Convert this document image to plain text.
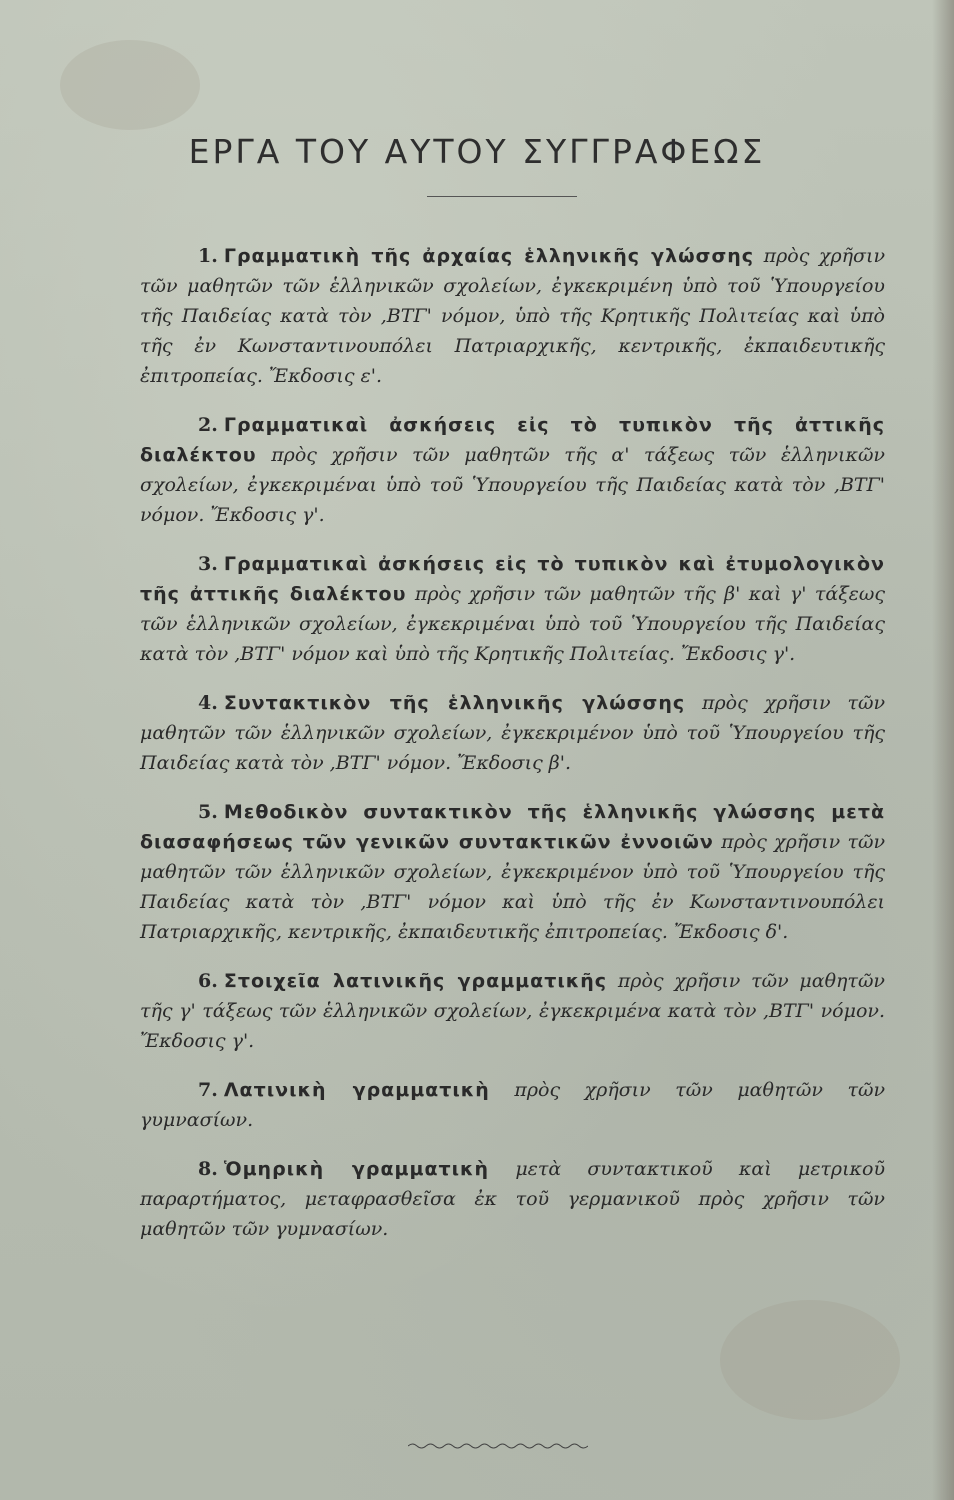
ΕΡΓΑ ΤΟΥ ΑΥΤΟΥ ΣΥΓΓΡΑΦΕΩΣ

1. Γραμματικὴ τῆς ἀρχαίας ἑλληνικῆς γλώσσης πρὸς χρῆσιν τῶν μαθητῶν τῶν ἑλληνικῶν σχολείων, ἐγκεκριμένη ὑπὸ τοῦ Ὑπουργείου τῆς Παιδείας κατὰ τὸν ,ΒΤΓ' νόμον, ὑπὸ τῆς Κρητικῆς Πολιτείας καὶ ὑπὸ τῆς ἐν Κωνσταντινουπόλει Πατριαρχικῆς, κεντρικῆς, ἐκπαιδευτικῆς ἐπιτροπείας. Ἔκδοσις ε'.

2. Γραμματικαὶ ἀσκήσεις εἰς τὸ τυπικὸν τῆς ἀττικῆς διαλέκτου πρὸς χρῆσιν τῶν μαθητῶν τῆς α' τάξεως τῶν ἑλληνικῶν σχολείων, ἐγκεκριμέναι ὑπὸ τοῦ Ὑπουργείου τῆς Παιδείας κατὰ τὸν ,ΒΤΓ' νόμον. Ἔκδοσις γ'.

3. Γραμματικαὶ ἀσκήσεις εἰς τὸ τυπικὸν καὶ ἐτυμολογικὸν τῆς ἀττικῆς διαλέκτου πρὸς χρῆσιν τῶν μαθητῶν τῆς β' καὶ γ' τάξεως τῶν ἑλληνικῶν σχολείων, ἐγκεκριμέναι ὑπὸ τοῦ Ὑπουργείου τῆς Παιδείας κατὰ τὸν ,ΒΤΓ' νόμον καὶ ὑπὸ τῆς Κρητικῆς Πολιτείας. Ἔκδοσις γ'.

4. Συντακτικὸν τῆς ἑλληνικῆς γλώσσης πρὸς χρῆσιν τῶν μαθητῶν τῶν ἑλληνικῶν σχολείων, ἐγκεκριμένον ὑπὸ τοῦ Ὑπουργείου τῆς Παιδείας κατὰ τὸν ,ΒΤΓ' νόμον. Ἔκδοσις β'.

5. Μεθοδικὸν συντακτικὸν τῆς ἑλληνικῆς γλώσσης μετὰ διασαφήσεως τῶν γενικῶν συντακτικῶν ἐννοιῶν πρὸς χρῆσιν τῶν μαθητῶν τῶν ἑλληνικῶν σχολείων, ἐγκεκριμένον ὑπὸ τοῦ Ὑπουργείου τῆς Παιδείας κατὰ τὸν ,ΒΤΓ' νόμον καὶ ὑπὸ τῆς ἐν Κωνσταντινουπόλει Πατριαρχικῆς, κεντρικῆς, ἐκπαιδευτικῆς ἐπιτροπείας. Ἔκδοσις δ'.

6. Στοιχεῖα λατινικῆς γραμματικῆς πρὸς χρῆσιν τῶν μαθητῶν τῆς γ' τάξεως τῶν ἑλληνικῶν σχολείων, ἐγκεκριμένα κατὰ τὸν ,ΒΤΓ' νόμον. Ἔκδοσις γ'.

7. Λατινικὴ γραμματικὴ πρὸς χρῆσιν τῶν μαθητῶν τῶν γυμνασίων.

8. Ὁμηρικὴ γραμματικὴ μετὰ συντακτικοῦ καὶ μετρικοῦ παραρτήματος, μεταφρασθεῖσα ἐκ τοῦ γερμανικοῦ πρὸς χρῆσιν τῶν μαθητῶν τῶν γυμνασίων.
